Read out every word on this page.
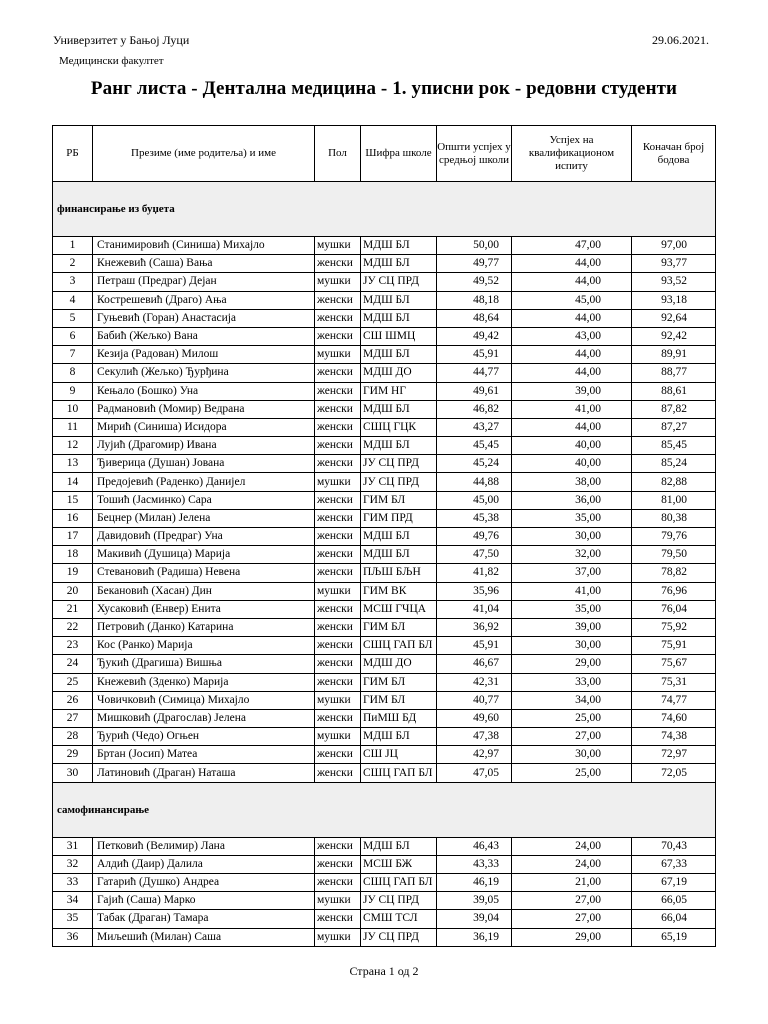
Универзитет у Бањој Луци
Медицински факултет
29.06.2021.
Ранг листа - Дентална медицина - 1. уписни рок - редовни студенти
РБ	Презиме (име родитеља) и име	Пол	Шифра школе	Општи успјех у средњој школи	Успјех на квалификационом испиту	Коначан број бодова
финансирање из буџета						
1	Станимировић (Синиша) Михајло	мушки	МДШ БЛ	50,00	47,00	97,00
2	Кнежевић (Саша) Вања	женски	МДШ БЛ	49,77	44,00	93,77
3	Петраш (Предраг) Дејан	мушки	ЈУ СЦ ПРД	49,52	44,00	93,52
4	Кострешевић (Драго) Ања	женски	МДШ БЛ	48,18	45,00	93,18
5	Гуњевић (Горан) Анастасија	женски	МДШ БЛ	48,64	44,00	92,64
6	Бабић (Жељко) Вана	женски	СШ ШМЦ	49,42	43,00	92,42
7	Кезија (Радован) Милош	мушки	МДШ БЛ	45,91	44,00	89,91
8	Секулић (Жељко) Ђурђина	женски	МДШ ДО	44,77	44,00	88,77
9	Кењало (Бошко) Уна	женски	ГИМ НГ	49,61	39,00	88,61
10	Радмановић (Момир) Ведрана	женски	МДШ БЛ	46,82	41,00	87,82
11	Мирић (Синиша) Исидора	женски	СШЦ ГЦК	43,27	44,00	87,27
12	Лујић (Драгомир) Ивана	женски	МДШ БЛ	45,45	40,00	85,45
13	Ђиверица (Душан) Јована	женски	ЈУ СЦ ПРД	45,24	40,00	85,24
14	Предојевић (Раденко) Данијел	мушки	ЈУ СЦ ПРД	44,88	38,00	82,88
15	Тошић (Јасминко) Сара	женски	ГИМ БЛ	45,00	36,00	81,00
16	Бецнер (Милан) Јелена	женски	ГИМ ПРД	45,38	35,00	80,38
17	Давидовић (Предраг) Уна	женски	МДШ БЛ	49,76	30,00	79,76
18	Макивић (Душица) Марија	женски	МДШ БЛ	47,50	32,00	79,50
19	Стевановић (Радиша) Невена	женски	ПЉШ БЉН	41,82	37,00	78,82
20	Бекановић (Хасан) Дин	мушки	ГИМ ВК	35,96	41,00	76,96
21	Хусаковић (Енвер) Енита	женски	МСШ ГЧЦА	41,04	35,00	76,04
22	Петровић (Данко) Катарина	женски	ГИМ БЛ	36,92	39,00	75,92
23	Кос (Ранко) Марија	женски	СШЦ ГАП БЛ	45,91	30,00	75,91
24	Ђукић (Драгиша) Вишња	женски	МДШ ДО	46,67	29,00	75,67
25	Кнежевић (Зденко) Марија	женски	ГИМ БЛ	42,31	33,00	75,31
26	Човичковић (Симица) Михајло	мушки	ГИМ БЛ	40,77	34,00	74,77
27	Мишковић (Драгослав) Јелена	женски	ПиМШ БД	49,60	25,00	74,60
28	Ђурић (Чедо) Огњен	мушки	МДШ БЛ	47,38	27,00	74,38
29	Бртан (Јосип) Матеа	женски	СШ ЈЦ	42,97	30,00	72,97
30	Латиновић (Драган) Наташа	женски	СШЦ ГАП БЛ	47,05	25,00	72,05
самофинансирање						
31	Петковић (Велимир) Лана	женски	МДШ БЛ	46,43	24,00	70,43
32	Алдић (Даир) Далила	женски	МСШ БЖ	43,33	24,00	67,33
33	Гатарић (Душко) Андреа	женски	СШЦ ГАП БЛ	46,19	21,00	67,19
34	Гајић (Саша) Марко	мушки	ЈУ СЦ ПРД	39,05	27,00	66,05
35	Табак (Драган) Тамара	женски	СМШ ТСЛ	39,04	27,00	66,04
36	Миљешић (Милан) Саша	мушки	ЈУ СЦ ПРД	36,19	29,00	65,19
Страна 1 од 2
